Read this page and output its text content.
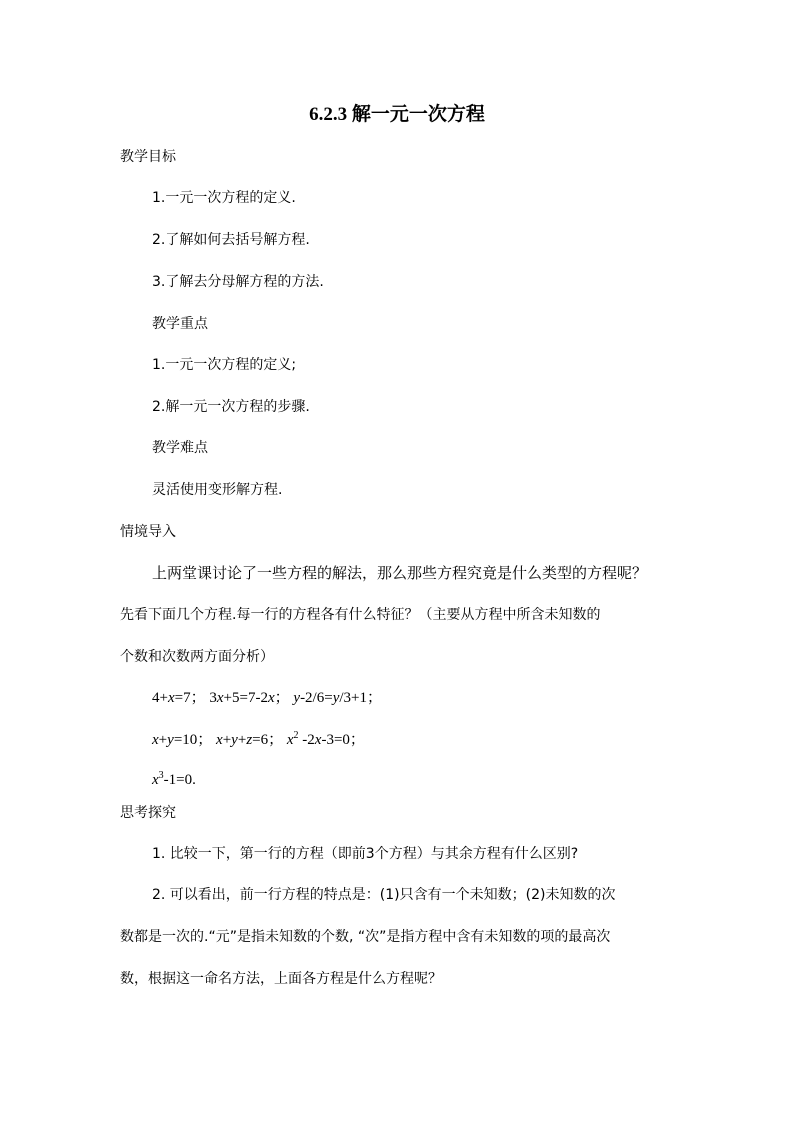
6.2.3 解一元一次方程
教学目标
1.一元一次方程的定义.
2.了解如何去括号解方程.
3.了解去分母解方程的方法.
教学重点
1.一元一次方程的定义;
2.解一元一次方程的步骤.
教学难点
灵活使用变形解方程.
情境导入
上两堂课讨论了一些方程的解法，那么那些方程究竟是什么类型的方程呢？
先看下面几个方程.每一行的方程各有什么特征？（主要从方程中所含未知数的
个数和次数两方面分析）
4+x=7； 3x+5=7-2x； y-2/6=y/3+1；
x+y=10； x+y+z=6； $x^2$ -2x-3=0；
$x^3-1=0$.
思考探究
1. 比较一下，第一行的方程（即前3个方程）与其余方程有什么区别?
2. 可以看出，前一行方程的特点是：(1)只含有一个未知数；(2)未知数的次
数都是一次的.“元”是指未知数的个数, “次”是指方程中含有未知数的项的最高次
数，根据这一命名方法，上面各方程是什么方程呢？
